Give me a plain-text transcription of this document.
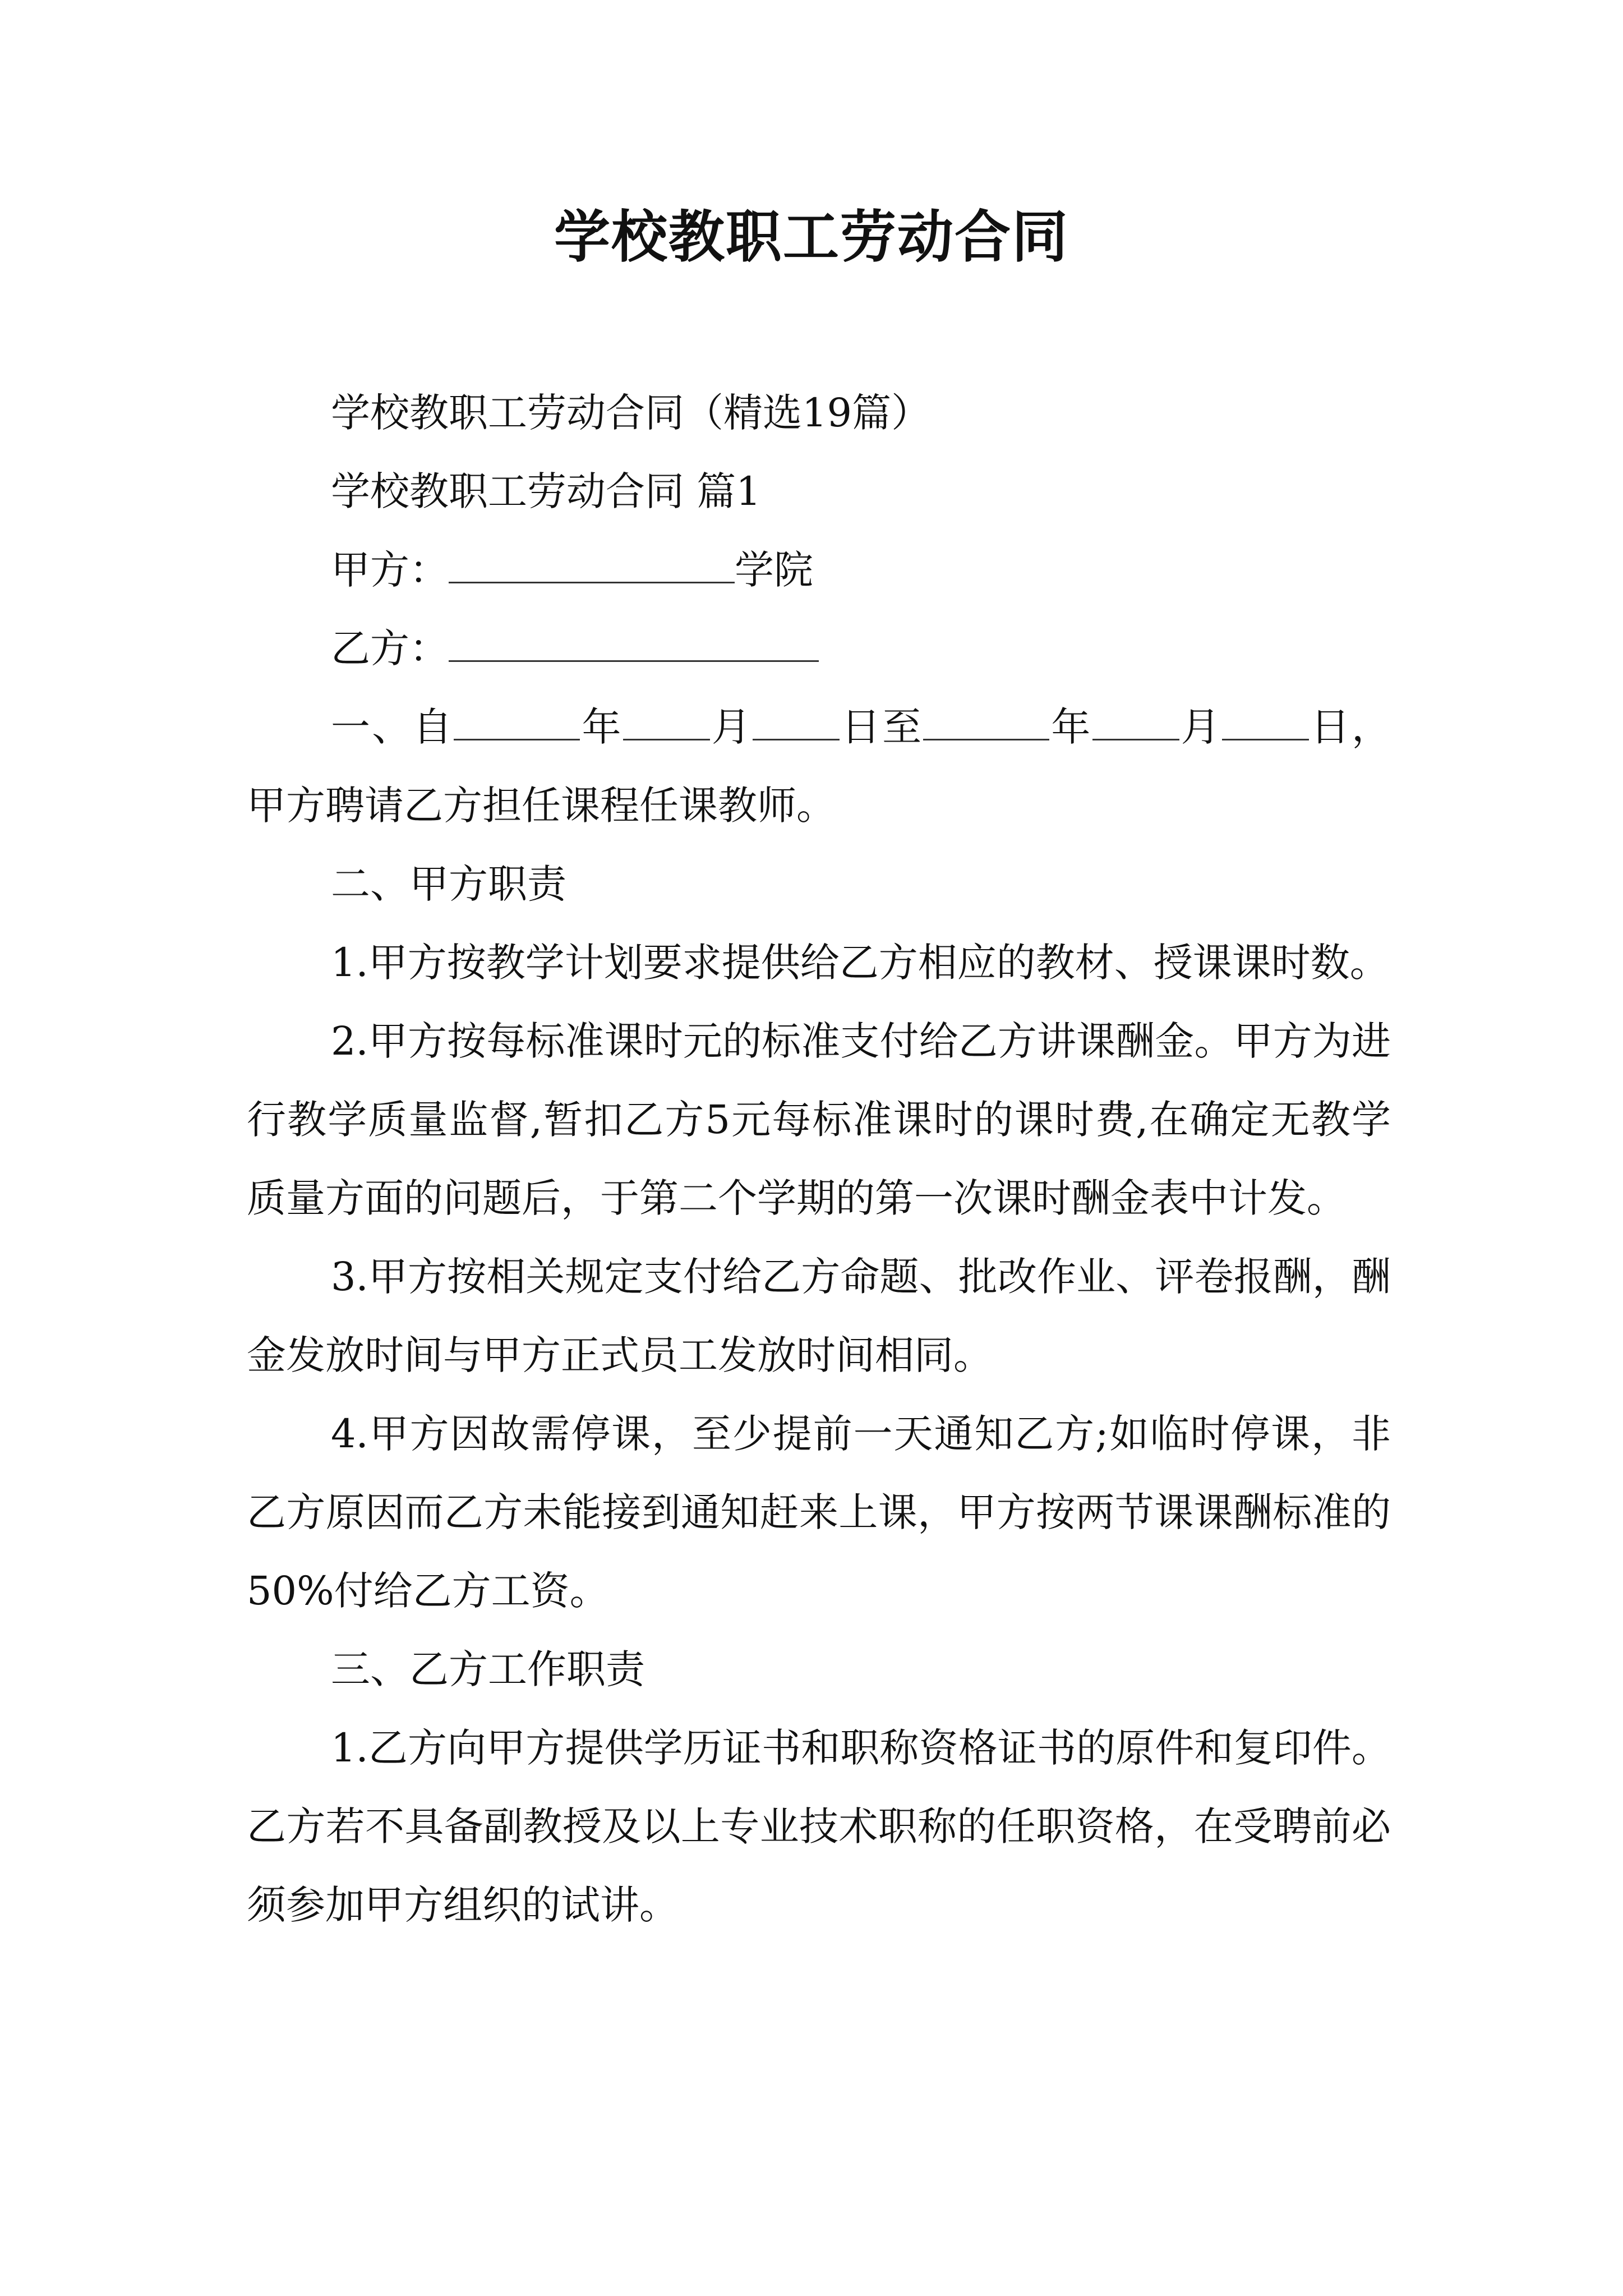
学校教职工劳动合同

学校教职工劳动合同（精选19篇）

学校教职工劳动合同 篇1

甲方：	学院

乙方：

一、自	年 月 日至	年 月 日，甲方聘请乙方担任课程任课教师。

二、甲方职责

1.甲方按教学计划要求提供给乙方相应的教材、授课课时数。

2.甲方按每标准课时元的标准支付给乙方讲课酬金。甲方为进行教学质量监督,暂扣乙方5元每标准课时的课时费,在确定无教学质量方面的问题后，于第二个学期的第一次课时酬金表中计发。

3.甲方按相关规定支付给乙方命题、批改作业、评卷报酬，酬金发放时间与甲方正式员工发放时间相同。

4.甲方因故需停课，至少提前一天通知乙方;如临时停课，非乙方原因而乙方未能接到通知赶来上课，甲方按两节课课酬标准的50%付给乙方工资。

三、乙方工作职责

1.乙方向甲方提供学历证书和职称资格证书的原件和复印件。乙方若不具备副教授及以上专业技术职称的任职资格，在受聘前必须参加甲方组织的试讲。
